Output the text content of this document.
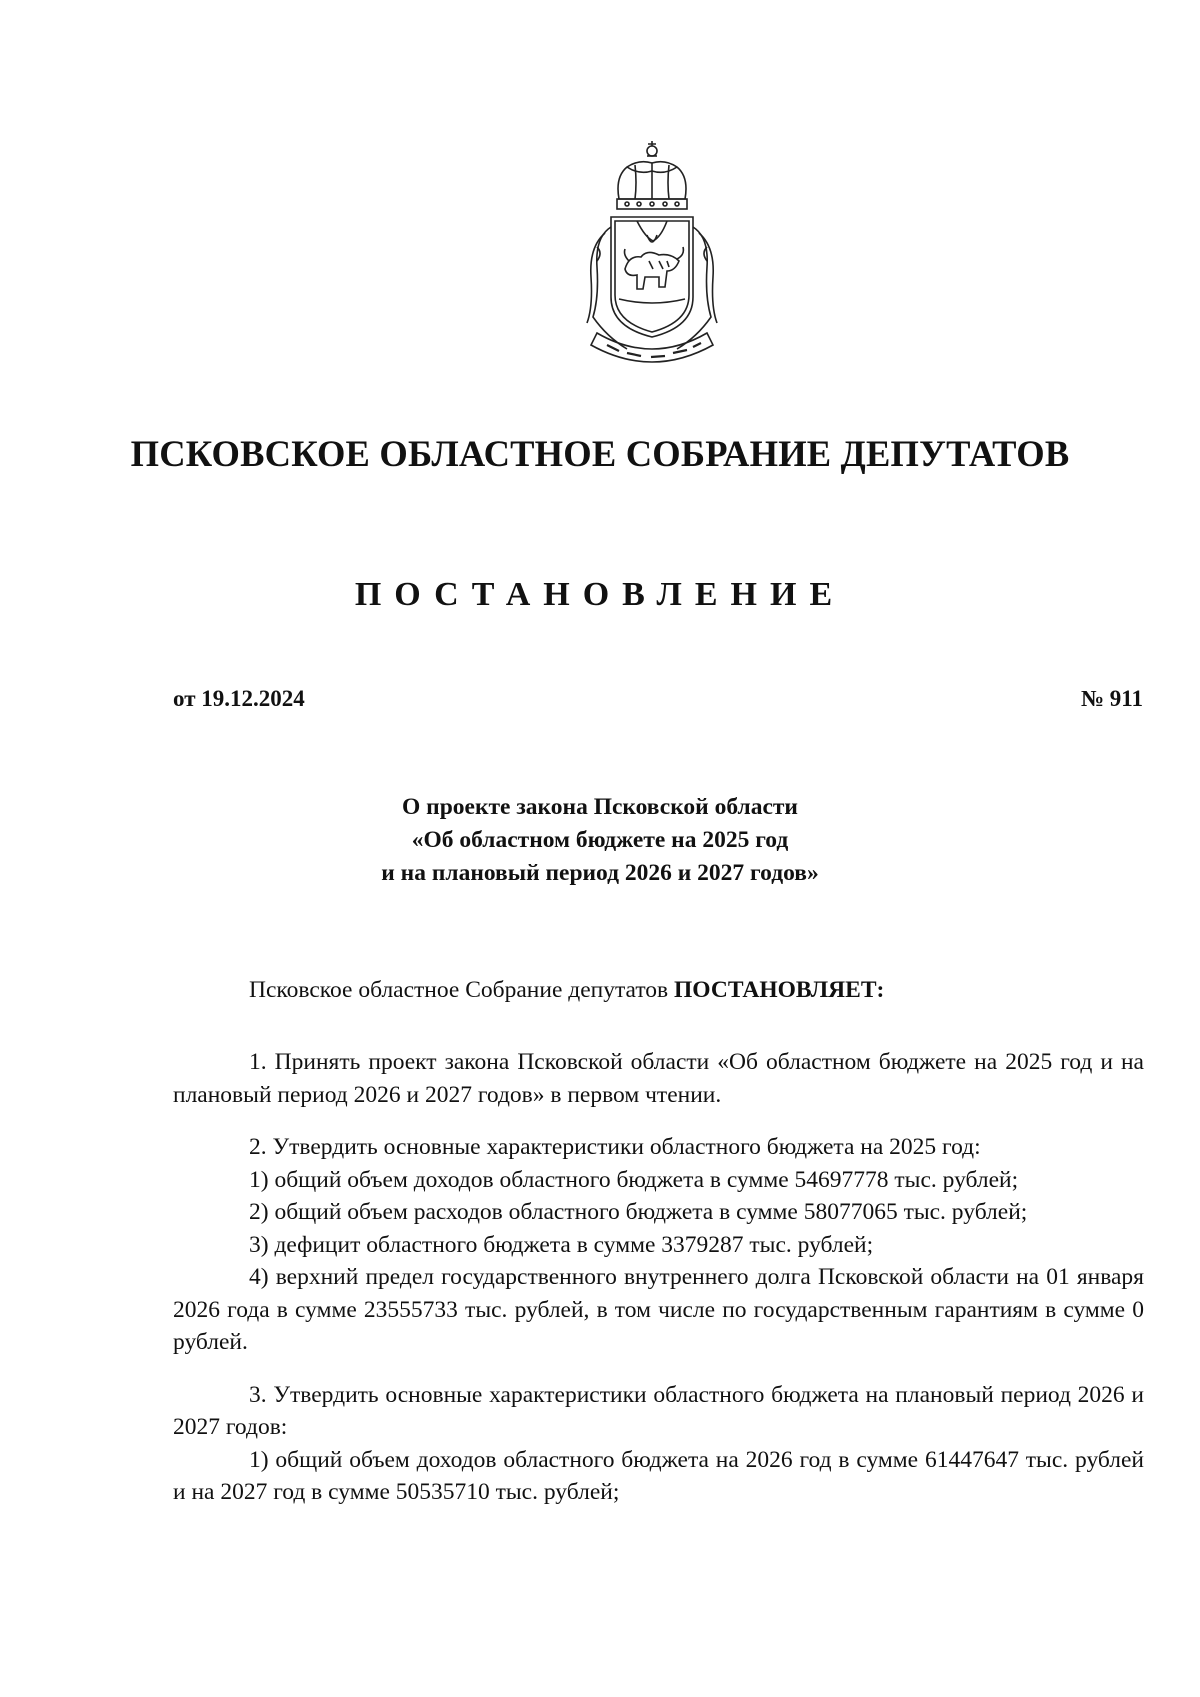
ПСКОВСКОЕ ОБЛАСТНОЕ СОБРАНИЕ ДЕПУТАТОВ
ПОСТАНОВЛЕНИЕ
от 19.12.2024	№ 911
О проекте закона Псковской области
«Об областном бюджете на 2025 год
и на плановый период 2026 и 2027 годов»
Псковское областное Собрание депутатов ПОСТАНОВЛЯЕТ:

1. Принять проект закона Псковской области «Об областном бюджете на 2025 год и на плановый период 2026 и 2027 годов» в первом чтении.

2. Утвердить основные характеристики областного бюджета на 2025 год:

1) общий объем доходов областного бюджета в сумме 54697778 тыс. рублей;

2) общий объем расходов областного бюджета в сумме 58077065 тыс. рублей;

3) дефицит областного бюджета в сумме 3379287 тыс. рублей;

4) верхний предел государственного внутреннего долга Псковской области на 01 января 2026 года в сумме 23555733 тыс. рублей, в том числе по государственным гарантиям в сумме 0 рублей.

3. Утвердить основные характеристики областного бюджета на плановый период 2026 и 2027 годов:

1) общий объем доходов областного бюджета на 2026 год в сумме 61447647 тыс. рублей и на 2027 год в сумме 50535710 тыс. рублей;
